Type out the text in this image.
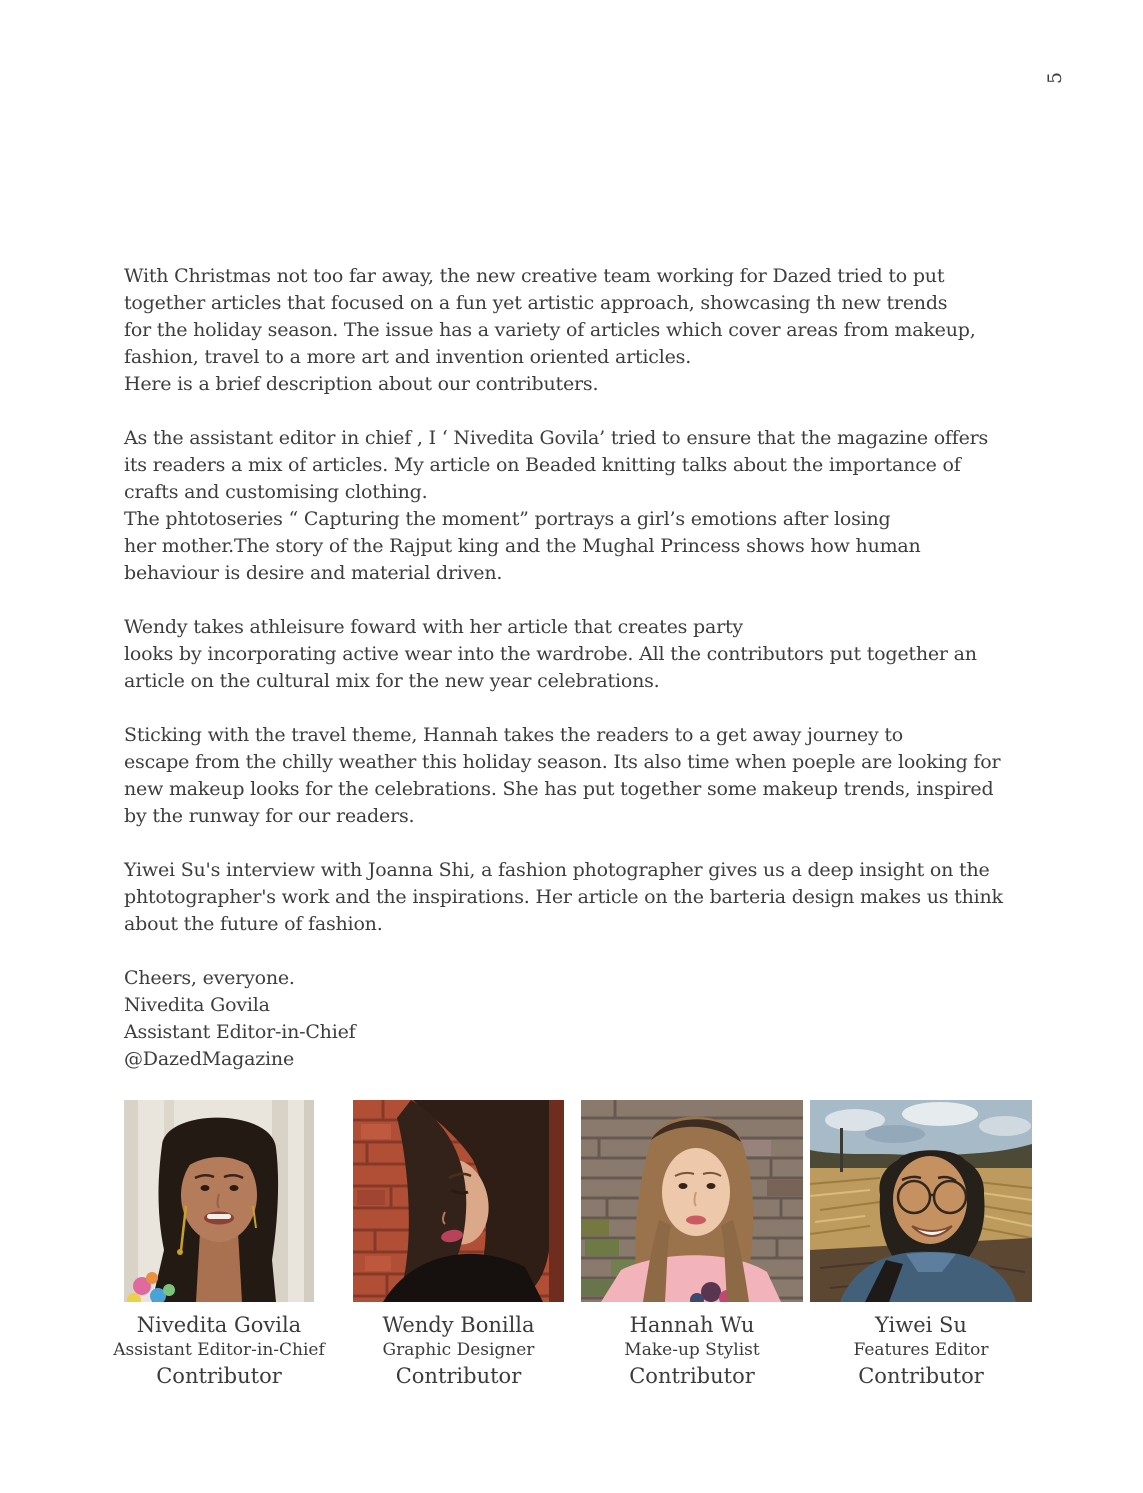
5

With Christmas not too far away, the new creative team working for Dazed tried to put
together articles that focused on a fun yet artistic approach, showcasing th new trends
for the holiday season. The issue has a variety of articles which cover areas from makeup,
fashion, travel to a more art and invention oriented articles.
Here is a brief description about our contributers.

As the assistant editor in chief , I ‘ Nivedita Govila’ tried to ensure that the magazine offers
its readers a mix of articles. My article on Beaded knitting talks about the importance of
crafts and customising clothing.
The phtotoseries “ Capturing the moment” portrays a girl’s emotions after losing
her mother.The story of the Rajput king and the Mughal Princess shows how human
behaviour is desire and material driven.

Wendy takes athleisure foward with her article that creates party
looks by incorporating active wear into the wardrobe. All the contributors put together an
article on the cultural mix for the new year celebrations.

Sticking with the travel theme, Hannah takes the readers to a get away journey to
escape from the chilly weather this holiday season. Its also time when poeple are looking for
new makeup looks for the celebrations. She has put together some makeup trends, inspired
by the runway for our readers.

Yiwei Su's interview with Joanna Shi, a fashion photographer gives us a deep insight on the
phtotographer's work and the inspirations. Her article on the barteria design makes us think
about the future of fashion.

Cheers, everyone.
Nivedita Govila
Assistant Editor-in-Chief
@DazedMagazine

Nivedita Govila
Assistant Editor-in-Chief
Contributor
Wendy Bonilla
Graphic Designer
Contributor
Hannah Wu
Make-up Stylist
Contributor
Yiwei Su
Features Editor
Contributor
